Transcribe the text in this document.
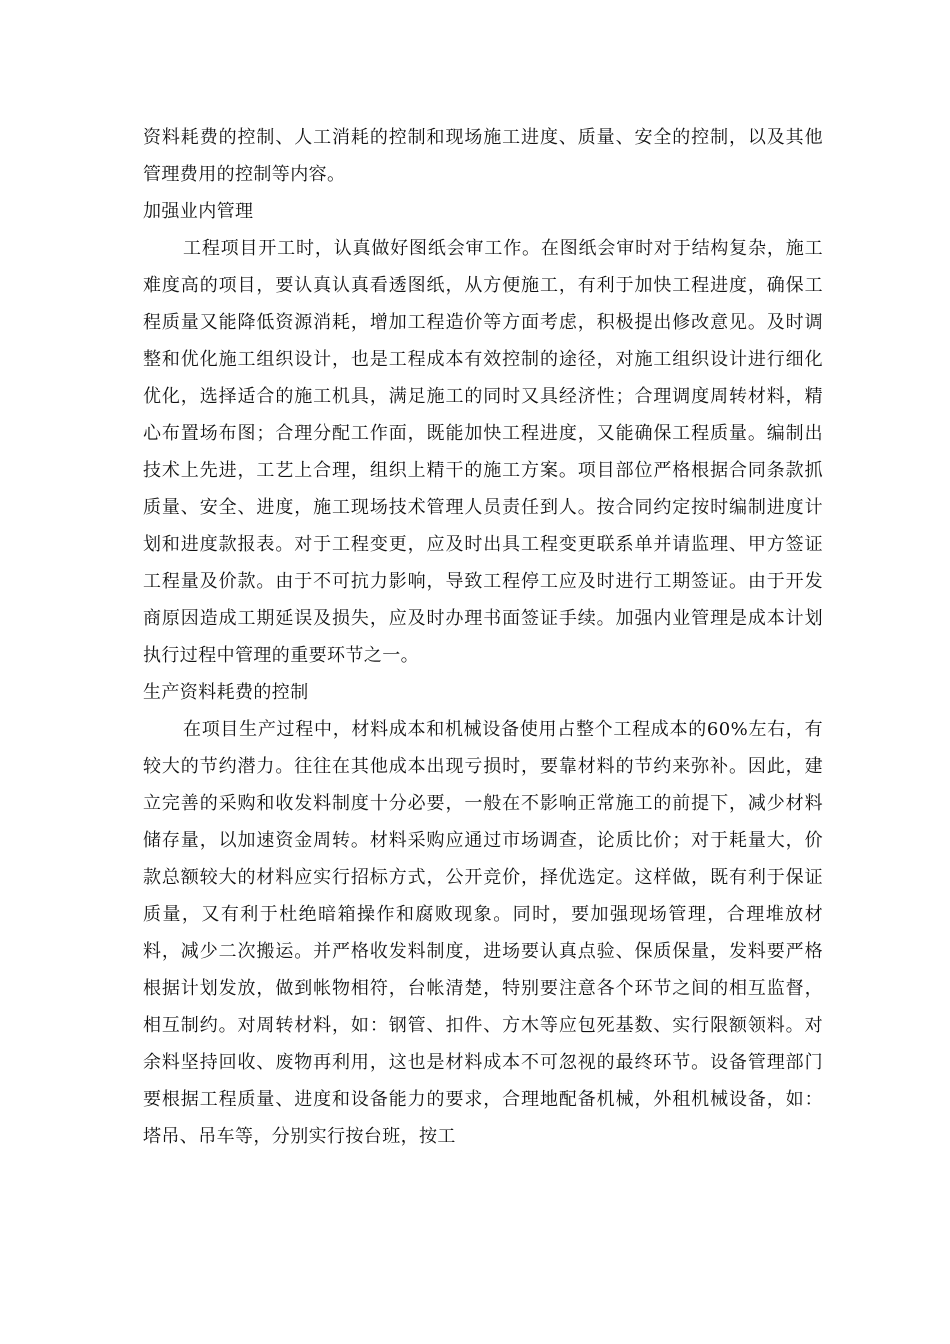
资料耗费的控制、人工消耗的控制和现场施工进度、质量、安全的控制，以及其他管理费用的控制等内容。

加强业内管理

工程项目开工时，认真做好图纸会审工作。在图纸会审时对于结构复杂，施工难度高的项目，要认真认真看透图纸，从方便施工，有利于加快工程进度，确保工程质量又能降低资源消耗，增加工程造价等方面考虑，积极提出修改意见。及时调整和优化施工组织设计，也是工程成本有效控制的途径，对施工组织设计进行细化优化，选择适合的施工机具，满足施工的同时又具经济性；合理调度周转材料，精心布置场布图；合理分配工作面，既能加快工程进度，又能确保工程质量。编制出技术上先进，工艺上合理，组织上精干的施工方案。项目部位严格根据合同条款抓质量、安全、进度，施工现场技术管理人员责任到人。按合同约定按时编制进度计划和进度款报表。对于工程变更，应及时出具工程变更联系单并请监理、甲方签证工程量及价款。由于不可抗力影响，导致工程停工应及时进行工期签证。由于开发商原因造成工期延误及损失，应及时办理书面签证手续。加强内业管理是成本计划执行过程中管理的重要环节之一。

生产资料耗费的控制

在项目生产过程中，材料成本和机械设备使用占整个工程成本的60%左右，有较大的节约潜力。往往在其他成本出现亏损时，要靠材料的节约来弥补。因此，建立完善的采购和收发料制度十分必要，一般在不影响正常施工的前提下，减少材料储存量，以加速资金周转。材料采购应通过市场调查，论质比价；对于耗量大，价款总额较大的材料应实行招标方式，公开竞价，择优选定。这样做，既有利于保证质量，又有利于杜绝暗箱操作和腐败现象。同时，要加强现场管理，合理堆放材料，减少二次搬运。并严格收发料制度，进场要认真点验、保质保量，发料要严格根据计划发放，做到帐物相符，台帐清楚，特别要注意各个环节之间的相互监督，相互制约。对周转材料，如：钢管、扣件、方木等应包死基数、实行限额领料。对余料坚持回收、废物再利用，这也是材料成本不可忽视的最终环节。设备管理部门要根据工程质量、进度和设备能力的要求，合理地配备机械，外租机械设备，如：塔吊、吊车等，分别实行按台班，按工
